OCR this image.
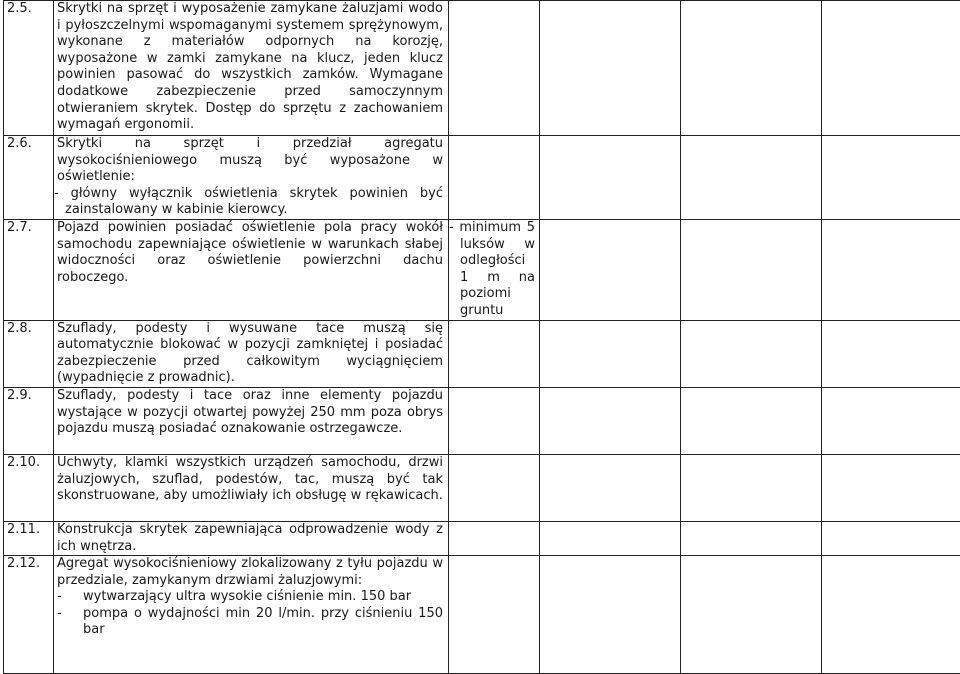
2.5.	Skrytki na sprzęt i wyposażenie zamykane żaluzjami wodo i pyłoszczelnymi wspomaganymi systemem sprężynowym, wykonane z materiałów odpornych na korozję, wyposażone w zamki zamykane na klucz, jeden klucz powinien pasować do wszystkich zamków. Wymagane dodatkowe zabezpieczenie przed samoczynnym otwieraniem skrytek. Dostęp do sprzętu z zachowaniem wymagań ergonomii.				

2.6.	Skrytki na sprzęt i przedział agregatu wysokociśnieniowego muszą być wyposażone w oświetlenie:
- główny wyłącznik oświetlenia skrytek powinien być zainstalowany w kabinie kierowcy.				

2.7.	Pojazd powinien posiadać oświetlenie pola pracy wokół samochodu zapewniające oświetlenie w warunkach słabej widoczności oraz oświetlenie powierzchni dachu roboczego.	- minimum 5 luksów w odległości 1 m na poziomi gruntu			

2.8.	Szuflady, podesty i wysuwane tace muszą się automatycznie blokować w pozycji zamkniętej i posiadać zabezpieczenie przed całkowitym wyciągnięciem (wypadnięcie z prowadnic).				

2.9.	Szuflady, podesty i tace oraz inne elementy pojazdu wystające w pozycji otwartej powyżej 250 mm poza obrys pojazdu muszą posiadać oznakowanie ostrzegawcze.				

2.10.	Uchwyty, klamki wszystkich urządzeń samochodu, drzwi żaluzjowych, szuflad, podestów, tac, muszą być tak skonstruowane, aby umożliwiały ich obsługę w rękawicach.				

2.11.	Konstrukcja skrytek zapewniająca odprowadzenie wody z ich wnętrza.				

2.12.	Agregat wysokociśnieniowy zlokalizowany z tyłu pojazdu w przedziale, zamykanym drzwiami żaluzjowymi:
- wytwarzający ultra wysokie ciśnienie min. 150 bar
- pompa o wydajności min 20 l/min. przy ciśnieniu 150 bar				
